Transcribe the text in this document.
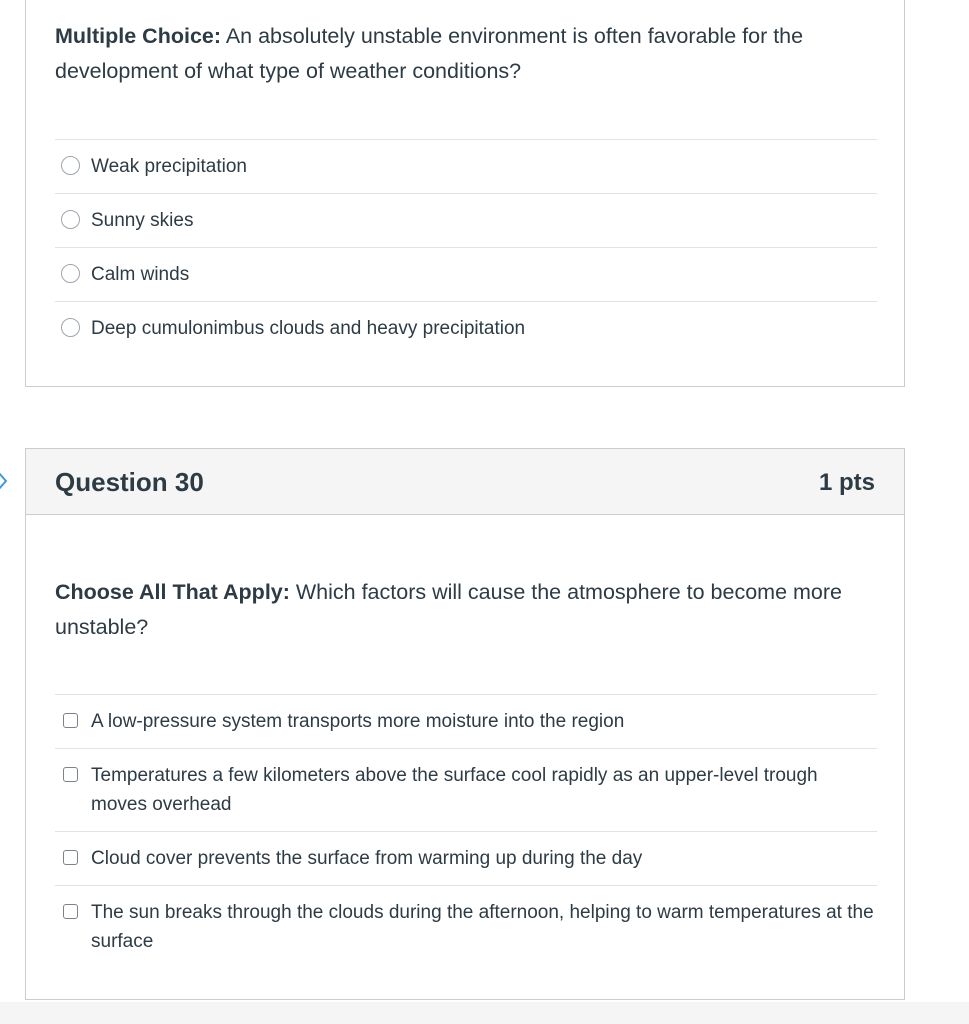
Multiple Choice: An absolutely unstable environment is often favorable for the development of what type of weather conditions?
Weak precipitation
Sunny skies
Calm winds
Deep cumulonimbus clouds and heavy precipitation
Question 30	1 pts
Choose All That Apply: Which factors will cause the atmosphere to become more unstable?
A low-pressure system transports more moisture into the region
Temperatures a few kilometers above the surface cool rapidly as an upper-level trough moves overhead
Cloud cover prevents the surface from warming up during the day
The sun breaks through the clouds during the afternoon, helping to warm temperatures at the surface
